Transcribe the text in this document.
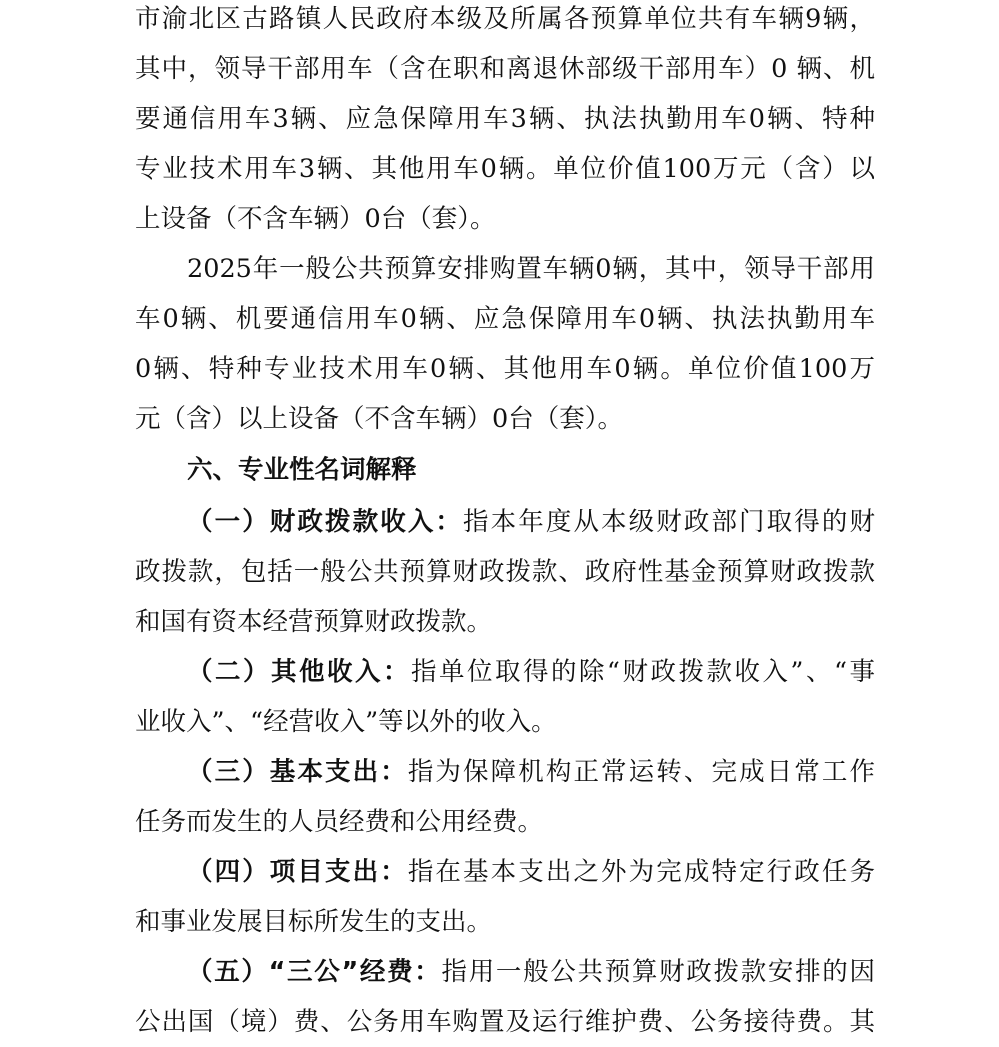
市渝北区古路镇人民政府本级及所属各预算单位共有车辆9辆，
其中，领导干部用车（含在职和离退休部级干部用车）0 辆、机
要通信用车3辆、应急保障用车3辆、执法执勤用车0辆、特种
专业技术用车3辆、其他用车0辆。单位价值100万元（含）以
上设备（不含车辆）0台（套）。
2025年一般公共预算安排购置车辆0辆，其中，领导干部用
车0辆、机要通信用车0辆、应急保障用车0辆、执法执勤用车
0辆、特种专业技术用车0辆、其他用车0辆。单位价值100万
元（含）以上设备（不含车辆）0台（套）。
六、专业性名词解释
（一）财政拨款收入：指本年度从本级财政部门取得的财
政拨款，包括一般公共预算财政拨款、政府性基金预算财政拨款
和国有资本经营预算财政拨款。
（二）其他收入：指单位取得的除“财政拨款收入”、“事
业收入”、“经营收入”等以外的收入。
（三）基本支出：指为保障机构正常运转、完成日常工作
任务而发生的人员经费和公用经费。
（四）项目支出：指在基本支出之外为完成特定行政任务
和事业发展目标所发生的支出。
（五）“三公”经费：指用一般公共预算财政拨款安排的因
公出国（境）费、公务用车购置及运行维护费、公务接待费。其
